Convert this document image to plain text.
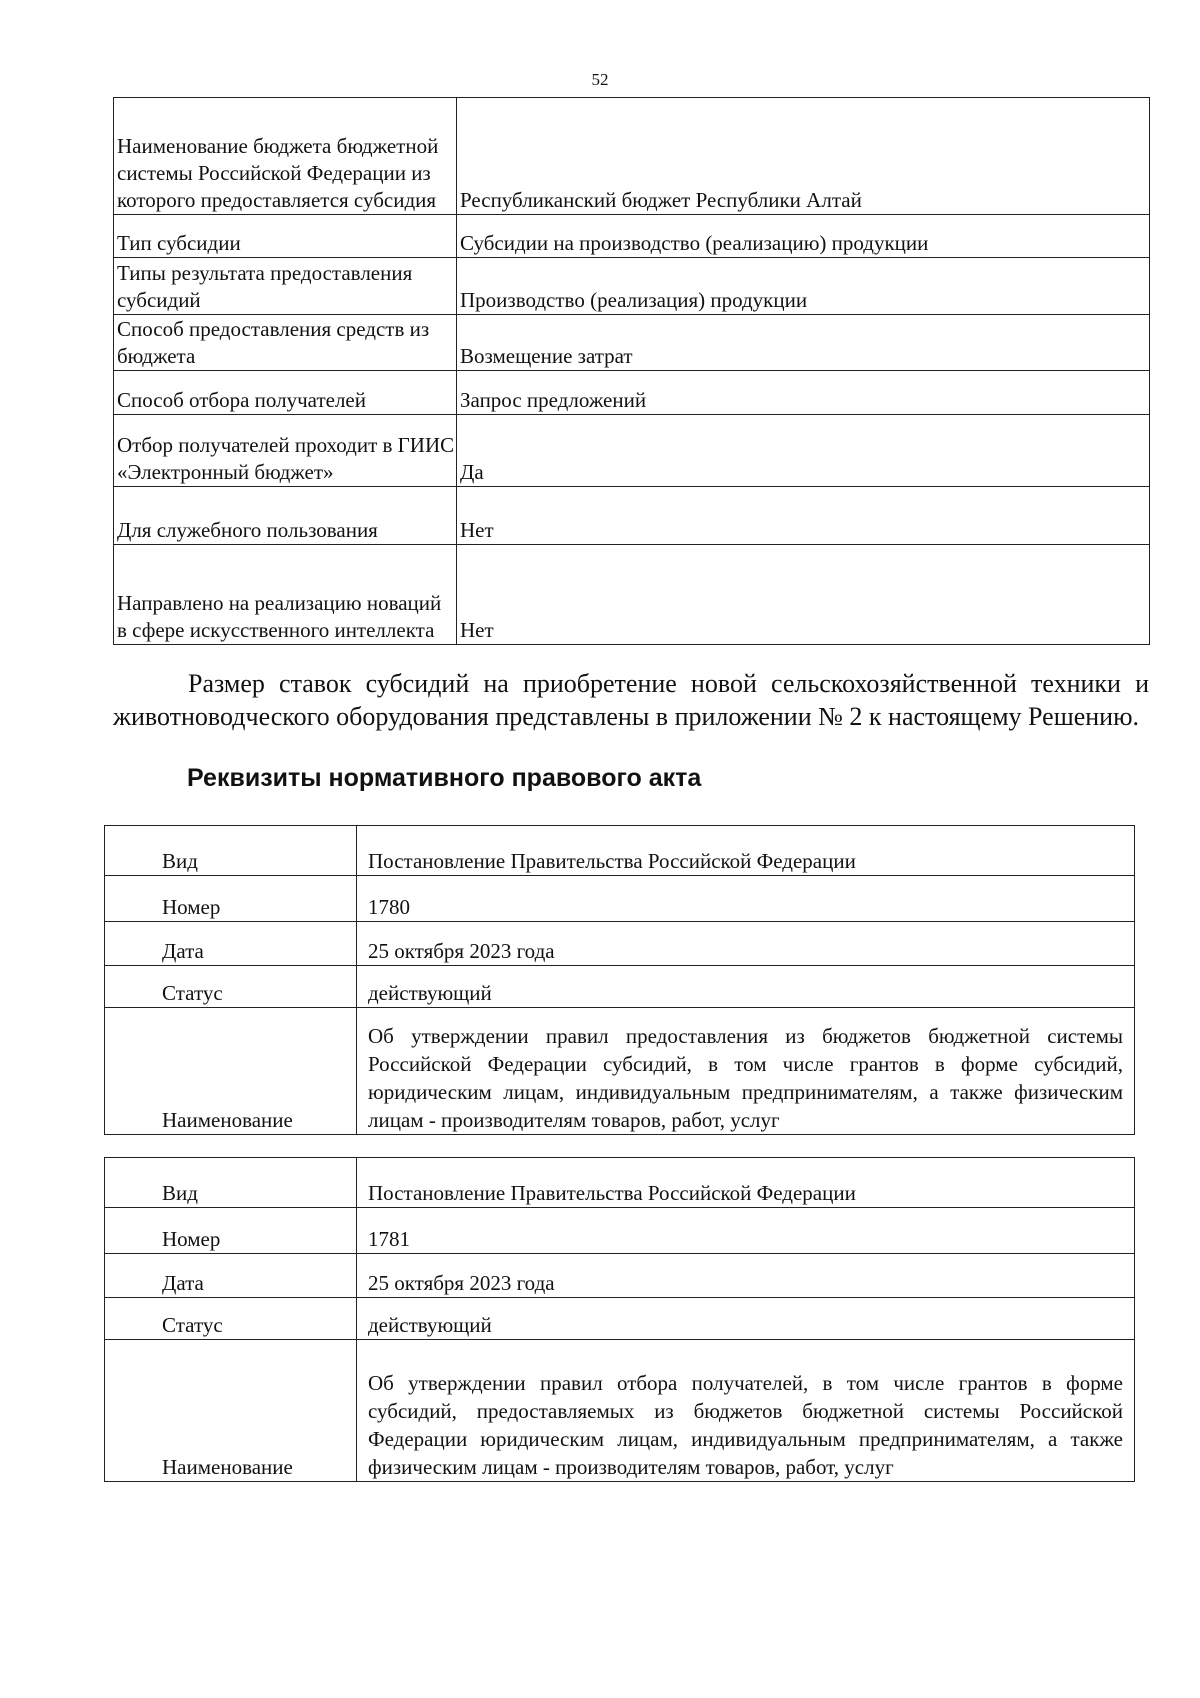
52
Наименование бюджета бюджетной системы Российской Федерации из которого предоставляется субсидия	Республиканский бюджет Республики Алтай
Тип субсидии	Субсидии на производство (реализацию) продукции
Типы результата предоставления субсидий	Производство (реализация) продукции
Способ предоставления средств из бюджета	Возмещение затрат
Способ отбора получателей	Запрос предложений
Отбор получателей проходит в ГИИС «Электронный бюджет»	Да
Для служебного пользования	Нет
Направлено на реализацию новаций в сфере искусственного интеллекта	Нет

Размер ставок субсидий на приобретение новой сельскохозяйственной техники и животноводческого оборудования представлены в приложении № 2 к настоящему Решению.

Реквизиты нормативного правового акта
Вид	Постановление Правительства Российской Федерации
Номер	1780
Дата	25 октября 2023 года
Статус	действующий
Наименование	Об утверждении правил предоставления из бюджетов бюджетной системы Российской Федерации субсидий, в том числе грантов в форме субсидий, юридическим лицам, индивидуальным предпринимателям, а также физическим лицам - производителям товаров, работ, услуг
Вид	Постановление Правительства Российской Федерации
Номер	1781
Дата	25 октября 2023 года
Статус	действующий
Наименование	Об утверждении правил отбора получателей, в том числе грантов в форме субсидий, предоставляемых из бюджетов бюджетной системы Российской Федерации юридическим лицам, индивидуальным предпринимателям, а также физическим лицам - производителям товаров, работ, услуг
